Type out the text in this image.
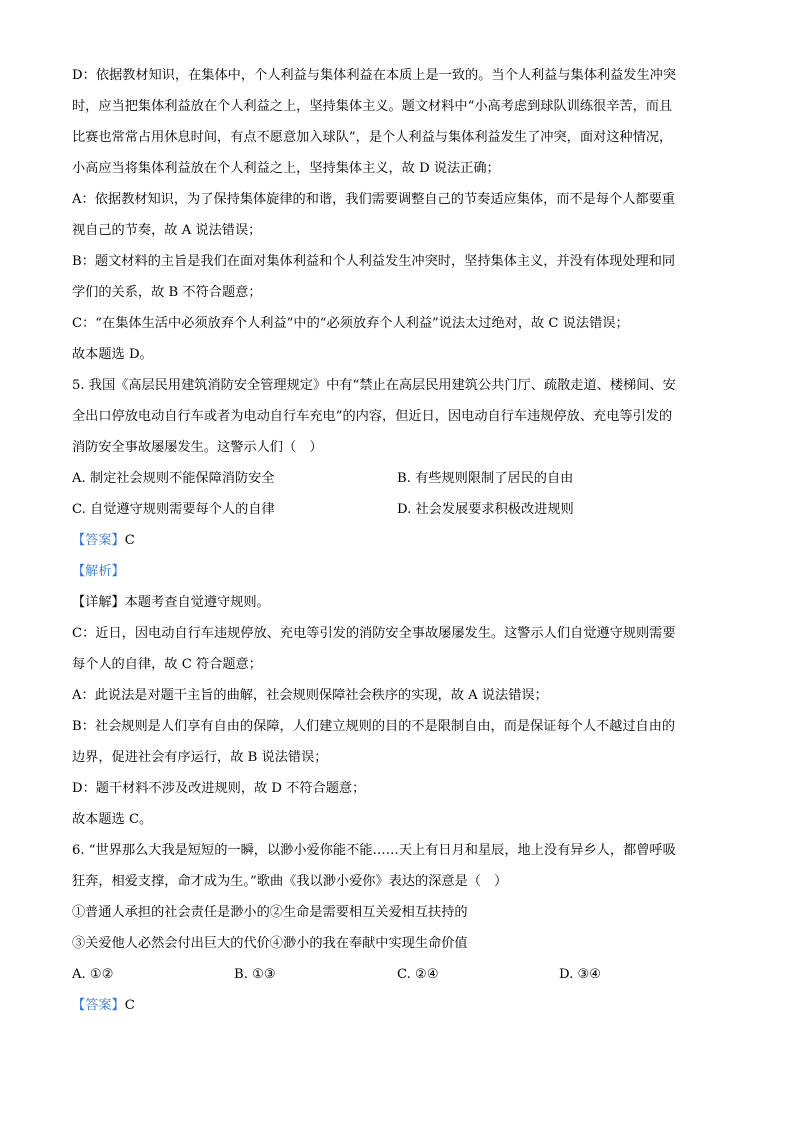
D：依据教材知识，在集体中，个人利益与集体利益在本质上是一致的。当个人利益与集体利益发生冲突
时，应当把集体利益放在个人利益之上，坚持集体主义。题文材料中“小高考虑到球队训练很辛苦，而且
比赛也常常占用休息时间，有点不愿意加入球队”，是个人利益与集体利益发生了冲突，面对这种情况，
小高应当将集体利益放在个人利益之上，坚持集体主义，故 D 说法正确；
A：依据教材知识，为了保持集体旋律的和谐，我们需要调整自己的节奏适应集体，而不是每个人都要重
视自己的节奏，故 A 说法错误；
B：题文材料的主旨是我们在面对集体利益和个人利益发生冲突时，坚持集体主义，并没有体现处理和同
学们的关系，故 B 不符合题意；
C：“在集体生活中必须放弃个人利益”中的“必须放弃个人利益”说法太过绝对，故 C 说法错误；
故本题选 D。
5. 我国《高层民用建筑消防安全管理规定》中有“禁止在高层民用建筑公共门厅、疏散走道、楼梯间、安
全出口停放电动自行车或者为电动自行车充电”的内容，但近日，因电动自行车违规停放、充电等引发的
消防安全事故屡屡发生。这警示人们（　）
A. 制定社会规则不能保障消防安全	B. 有些规则限制了居民的自由
C. 自觉遵守规则需要每个人的自律	D. 社会发展要求积极改进规则
【答案】C
【解析】
【详解】本题考查自觉遵守规则。
C：近日，因电动自行车违规停放、充电等引发的消防安全事故屡屡发生。这警示人们自觉遵守规则需要
每个人的自律，故 C 符合题意；
A：此说法是对题干主旨的曲解，社会规则保障社会秩序的实现，故 A 说法错误；
B：社会规则是人们享有自由的保障，人们建立规则的目的不是限制自由，而是保证每个人不越过自由的
边界，促进社会有序运行，故 B 说法错误；
D：题干材料不涉及改进规则，故 D 不符合题意；
故本题选 C。
6. “世界那么大我是短短的一瞬，以渺小爱你能不能……天上有日月和星辰，地上没有异乡人，都曾呼吸
狂奔，相爱支撑，命才成为生。”歌曲《我以渺小爱你》表达的深意是（　）
①普通人承担的社会责任是渺小的②生命是需要相互关爱相互扶持的
③关爱他人必然会付出巨大的代价④渺小的我在奉献中实现生命价值
A. ①②	B. ①③	C. ②④	D. ③④
【答案】C
